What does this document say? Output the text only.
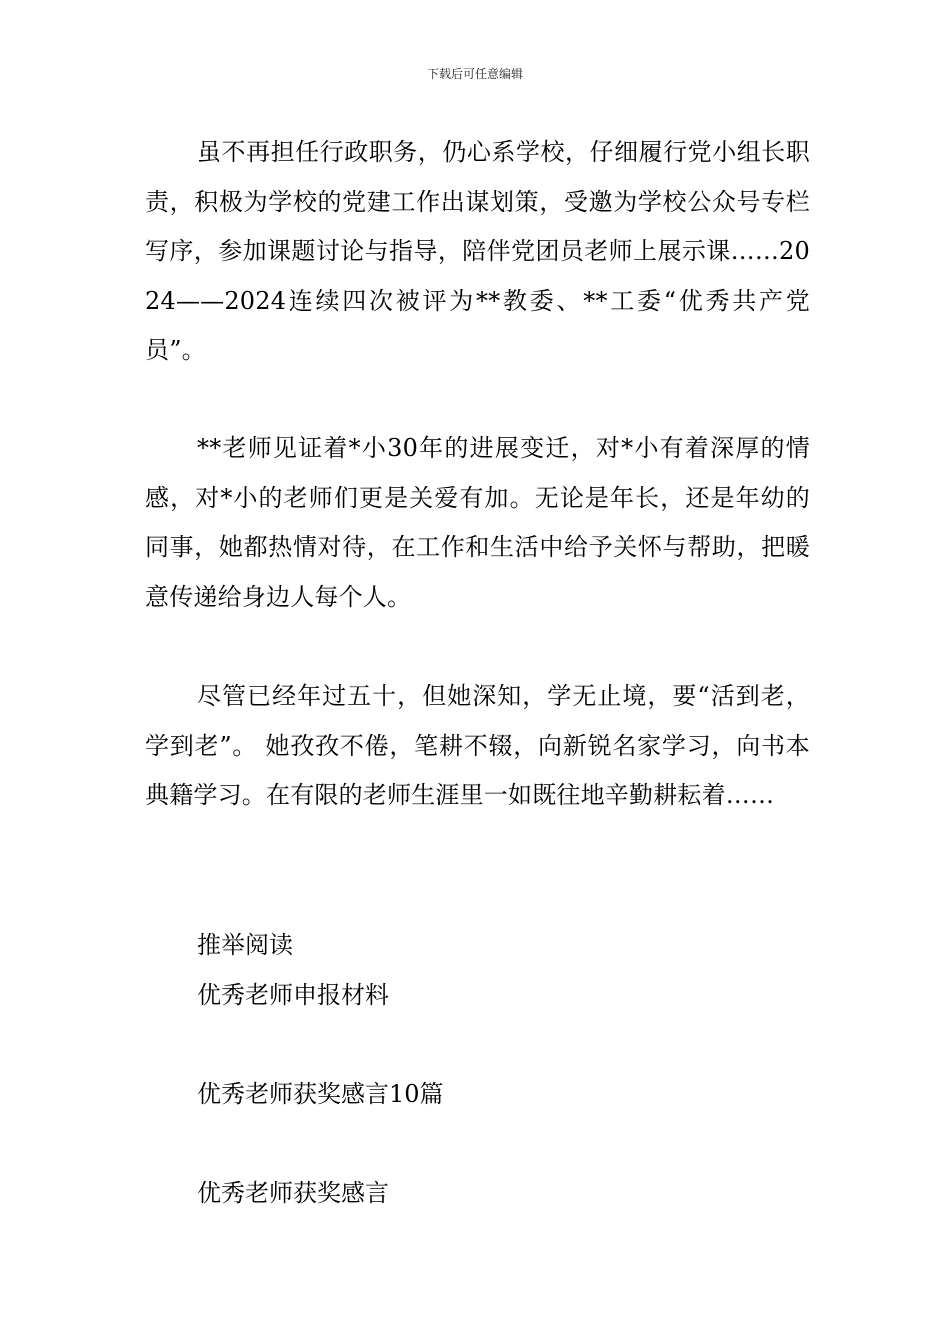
下载后可任意编辑

虽不再担任行政职务，仍心系学校，仔细履行党小组长职责，积极为学校的党建工作出谋划策，受邀为学校公众号专栏写序，参加课题讨论与指导，陪伴党团员老师上展示课……2024——2024连续四次被评为**教委、**工委“优秀共产党员”。

**老师见证着*小30年的进展变迁，对*小有着深厚的情感，对*小的老师们更是关爱有加。无论是年长，还是年幼的同事，她都热情对待，在工作和生活中给予关怀与帮助，把暖意传递给身边人每个人。

尽管已经年过五十，但她深知，学无止境，要“活到老，学到老”。 她孜孜不倦，笔耕不辍，向新锐名家学习，向书本典籍学习。在有限的老师生涯里一如既往地辛勤耕耘着……

推举阅读
优秀老师申报材料
优秀老师获奖感言10篇
优秀老师获奖感言
